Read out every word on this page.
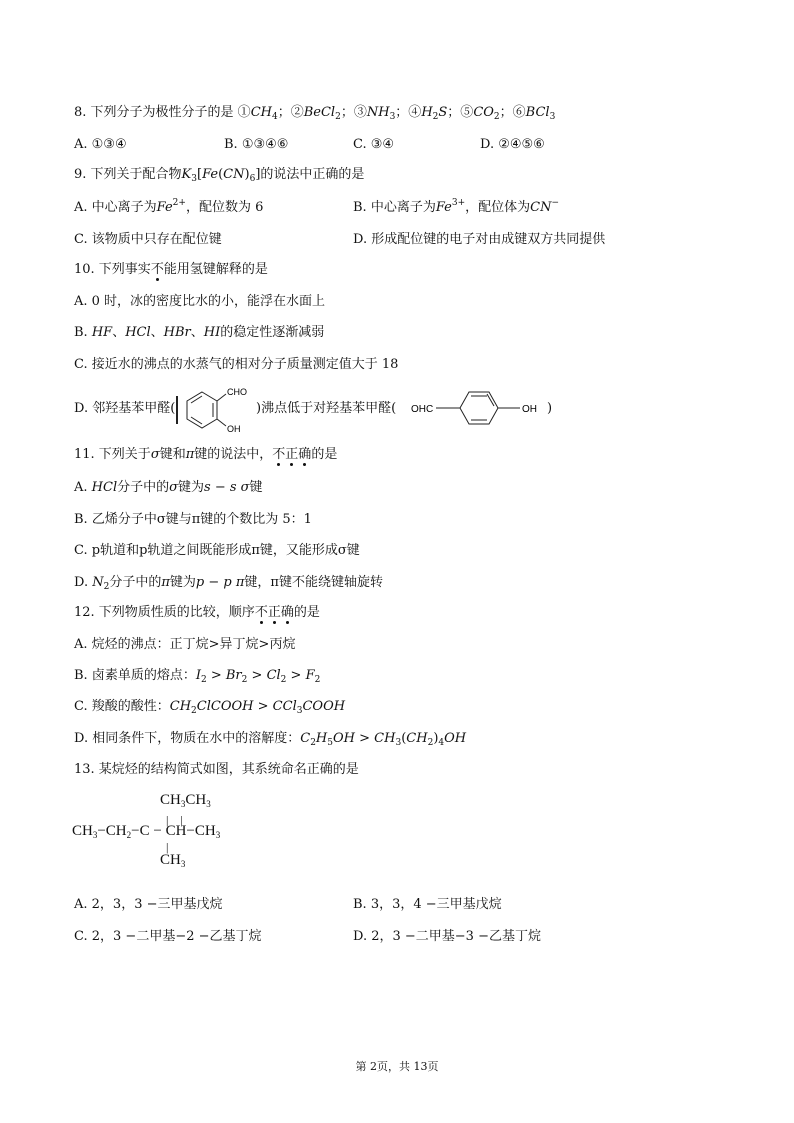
8. 下列分子为极性分子的是 $①CH_4$；②BeCl$_2$；$③NH_3$；$④H_2S$；$⑤CO_2$；⑥BCl$_3$
A. ①③④	B. ①③④⑥	C. ③④	D. ②④⑤⑥
9. 下列关于配合物$K_3[Fe(CN)_6]$的说法中正确的是
A. 中心离子为$Fe^{2+}$，配位数为 6	B. 中心离子为$Fe^{3+}$，配位体为CN−
C. 该物质中只存在配位键	D. 形成配位键的电子对由成键双方共同提供
10. 下列事实不能用氢键解释的是
A. 0 时，冰的密度比水的小，能浮在水面上
B. HF、HCl、HBr、HI的稳定性逐渐减弱
C. 接近水的沸点的水蒸气的相对分子质量测定值大于 18
D. 邻羟基苯甲醛(
CHO
OH
)沸点低于对羟基苯甲醛( OHC	OH )
11. 下列关于σ键和π键的说法中，不正确的是
A. HCl分子中的σ键为s − s σ键
B. 乙烯分子中σ键与π键的个数比为 5：1
C. p轨道和p轨道之间既能形成π键，又能形成σ键
D. $N_2$分子中的π键为p − p π键，π键不能绕键轴旋转
12. 下列物质性质的比较，顺序不正确的是
A. 烷烃的沸点：正丁烷>异丁烷>丙烷
B. 卤素单质的熔点：$I_2 > Br_2 > Cl_2 > F_2$
C. 羧酸的酸性：$CH_2ClCOOH$ > CCl$_3$COOH
D. 相同条件下，物质在水中的溶解度：$C_2H_5OH > CH_3(CH_2)_4OH$
13. 某烷烃的结构简式如图，其系统命名正确的是
$CH_3CH_3$
|    |
$CH_3-CH_2-C - CH-CH_3$
|
$CH_3$
A. 2，3，3 −三甲基戊烷	B. 3，3，4 −三甲基戊烷
C. 2，3 −二甲基−2 −乙基丁烷	D. 2，3 −二甲基−3 −乙基丁烷
第 2页，共 13页
